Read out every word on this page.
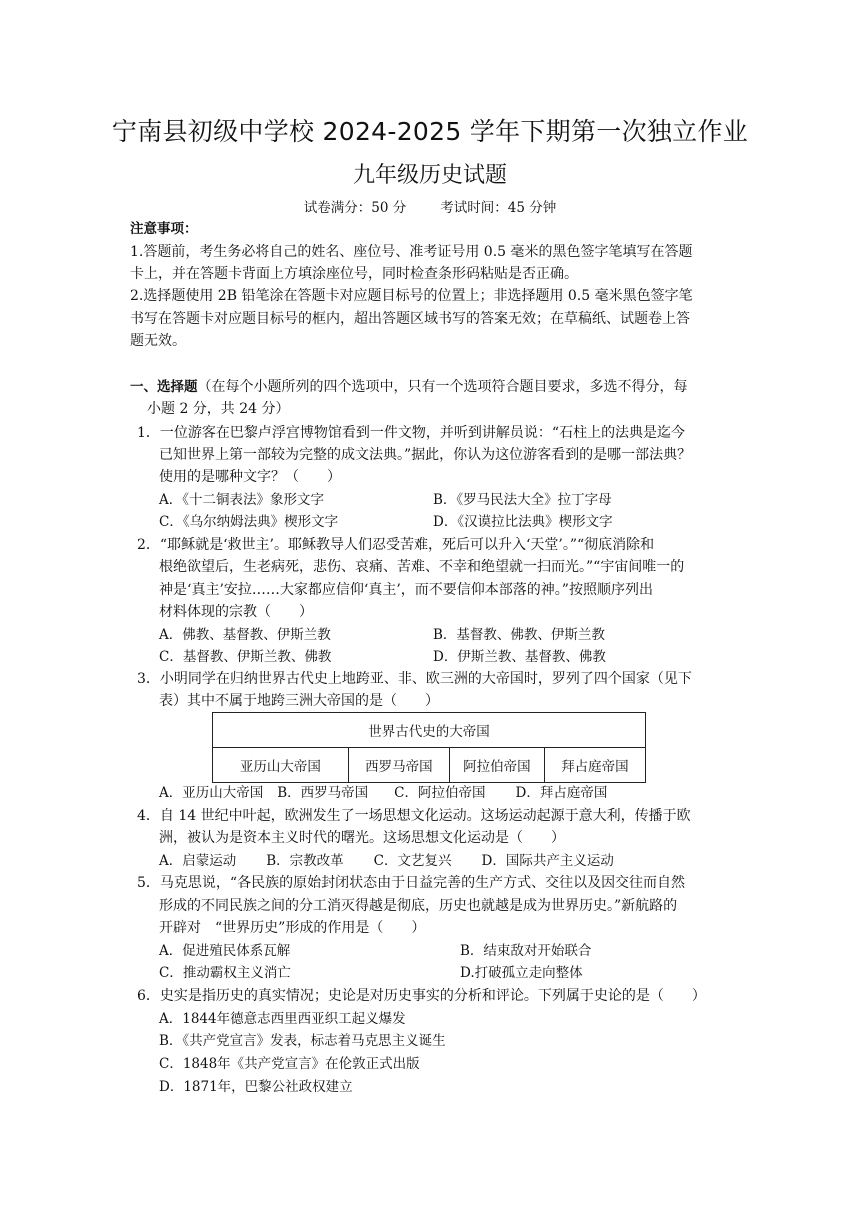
宁南县初级中学校 2024-2025 学年下期第一次独立作业
九年级历史试题
试卷满分：50 分	考试时间：45 分钟
注意事项：
1.答题前，考生务必将自己的姓名、座位号、准考证号用 0.5 毫米的黑色签字笔填写在答题
卡上，并在答题卡背面上方填涂座位号，同时检查条形码粘贴是否正确。
2.选择题使用 2B 铅笔涂在答题卡对应题目标号的位置上；非选择题用 0.5 毫米黑色签字笔
书写在答题卡对应题目标号的框内，超出答题区域书写的答案无效；在草稿纸、试题卷上答
题无效。
一、选择题（在每个小题所列的四个选项中，只有一个选项符合题目要求，多选不得分，每
小题 2 分，共 24 分）
1．一位游客在巴黎卢浮宫博物馆看到一件文物，并听到讲解员说：“石柱上的法典是迄今
已知世界上第一部较为完整的成文法典。”据此，你认为这位游客看到的是哪一部法典？
使用的是哪种文字？（　　）
A．《十二铜表法》象形文字	B．《罗马民法大全》拉丁字母
C．《乌尔纳姆法典》楔形文字	D．《汉谟拉比法典》楔形文字
2．“耶稣就是‘救世主’。耶稣教导人们忍受苦难，死后可以升入‘天堂’。”“彻底消除和
根绝欲望后，生老病死，悲伤、哀痛、苦难、不幸和绝望就一扫而光。”“宇宙间唯一的
神是‘真主’安拉……大家都应信仰‘真主’，而不要信仰本部落的神。”按照顺序列出
材料体现的宗教（　　）
A．佛教、基督教、伊斯兰教	B．基督教、佛教、伊斯兰教
C．基督教、伊斯兰教、佛教	D．伊斯兰教、基督教、佛教
3．小明同学在归纳世界古代史上地跨亚、非、欧三洲的大帝国时，罗列了四个国家（见下
表）其中不属于地跨三洲大帝国的是（　　）
世界古代史的大帝国
亚历山大帝国	西罗马帝国	阿拉伯帝国	拜占庭帝国
A．亚历山大帝国 B．西罗马帝国 C．阿拉伯帝国 D．拜占庭帝国
4．自 14 世纪中叶起，欧洲发生了一场思想文化运动。这场运动起源于意大利，传播于欧
洲，被认为是资本主义时代的曙光。这场思想文化运动是（　　）
A．启蒙运动 B．宗教改革 C．文艺复兴 D．国际共产主义运动
5．马克思说，“各民族的原始封闭状态由于日益完善的生产方式、交往以及因交往而自然
形成的不同民族之间的分工消灭得越是彻底，历史也就越是成为世界历史。”新航路的
开辟对　“世界历史”形成的作用是（　　）
A．促进殖民体系瓦解	B．结束敌对开始联合
C．推动霸权主义消亡	D.打破孤立走向整体
6．史实是指历史的真实情况；史论是对历史事实的分析和评论。下列属于史论的是（　　）
A．1844年德意志西里西亚织工起义爆发
B．《共产党宣言》发表，标志着马克思主义诞生
C．1848年《共产党宣言》在伦敦正式出版
D．1871年，巴黎公社政权建立
